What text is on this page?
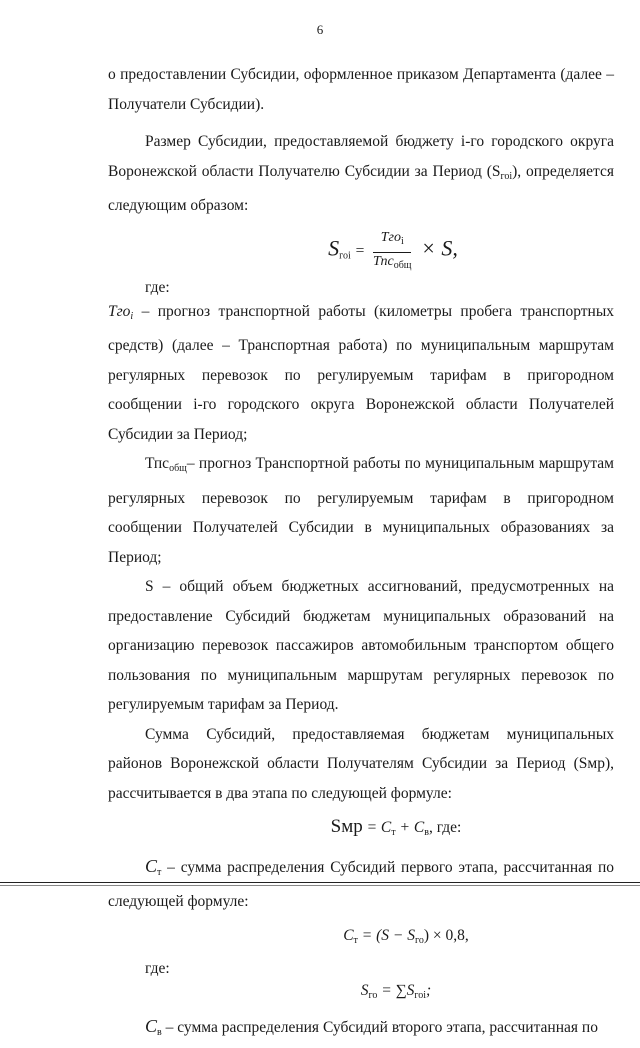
6

о предоставлении Субсидии, оформленное приказом Департамента (далее – Получатели Субсидии).

Размер Субсидии, предоставляемой бюджету i-го городского округа Воронежской области Получателю Субсидии за Период $(S_{гоi})$, определяется следующим образом:

$S_{гоi} = \frac{Тго_i}{Тпс_{общ}} \times S$,

где:

Тго$_i$ – прогноз транспортной работы (километры пробега транспортных средств) (далее – Транспортная работа) по муниципальным маршрутам регулярных перевозок по регулируемым тарифам в пригородном сообщении i-го городского округа Воронежской области Получателей Субсидии за Период;

Тпс$_{общ}$– прогноз Транспортной работы по муниципальным маршрутам регулярных перевозок по регулируемым тарифам в пригородном сообщении Получателей Субсидии в муниципальных образованиях за Период;

S – общий объем бюджетных ассигнований, предусмотренных на предоставление Субсидий бюджетам муниципальных образований на организацию перевозок пассажиров автомобильным транспортом общего пользования по муниципальным маршрутам регулярных перевозок по регулируемым тарифам за Период.

Сумма Субсидий, предоставляемая бюджетам муниципальных районов Воронежской области Получателям Субсидии за Период (Sмр), рассчитывается в два этапа по следующей формуле:

Sмр = $С_т + С_в$, где:

$С_т$ – сумма распределения Субсидий первого этапа, рассчитанная по следующей формуле:

$С_т = (S - S_{го}) \times 0,8$,

где:

$S_{го} = \sum S_{гоi}$;

$С_в$ – сумма распределения Субсидий второго этапа, рассчитанная по
